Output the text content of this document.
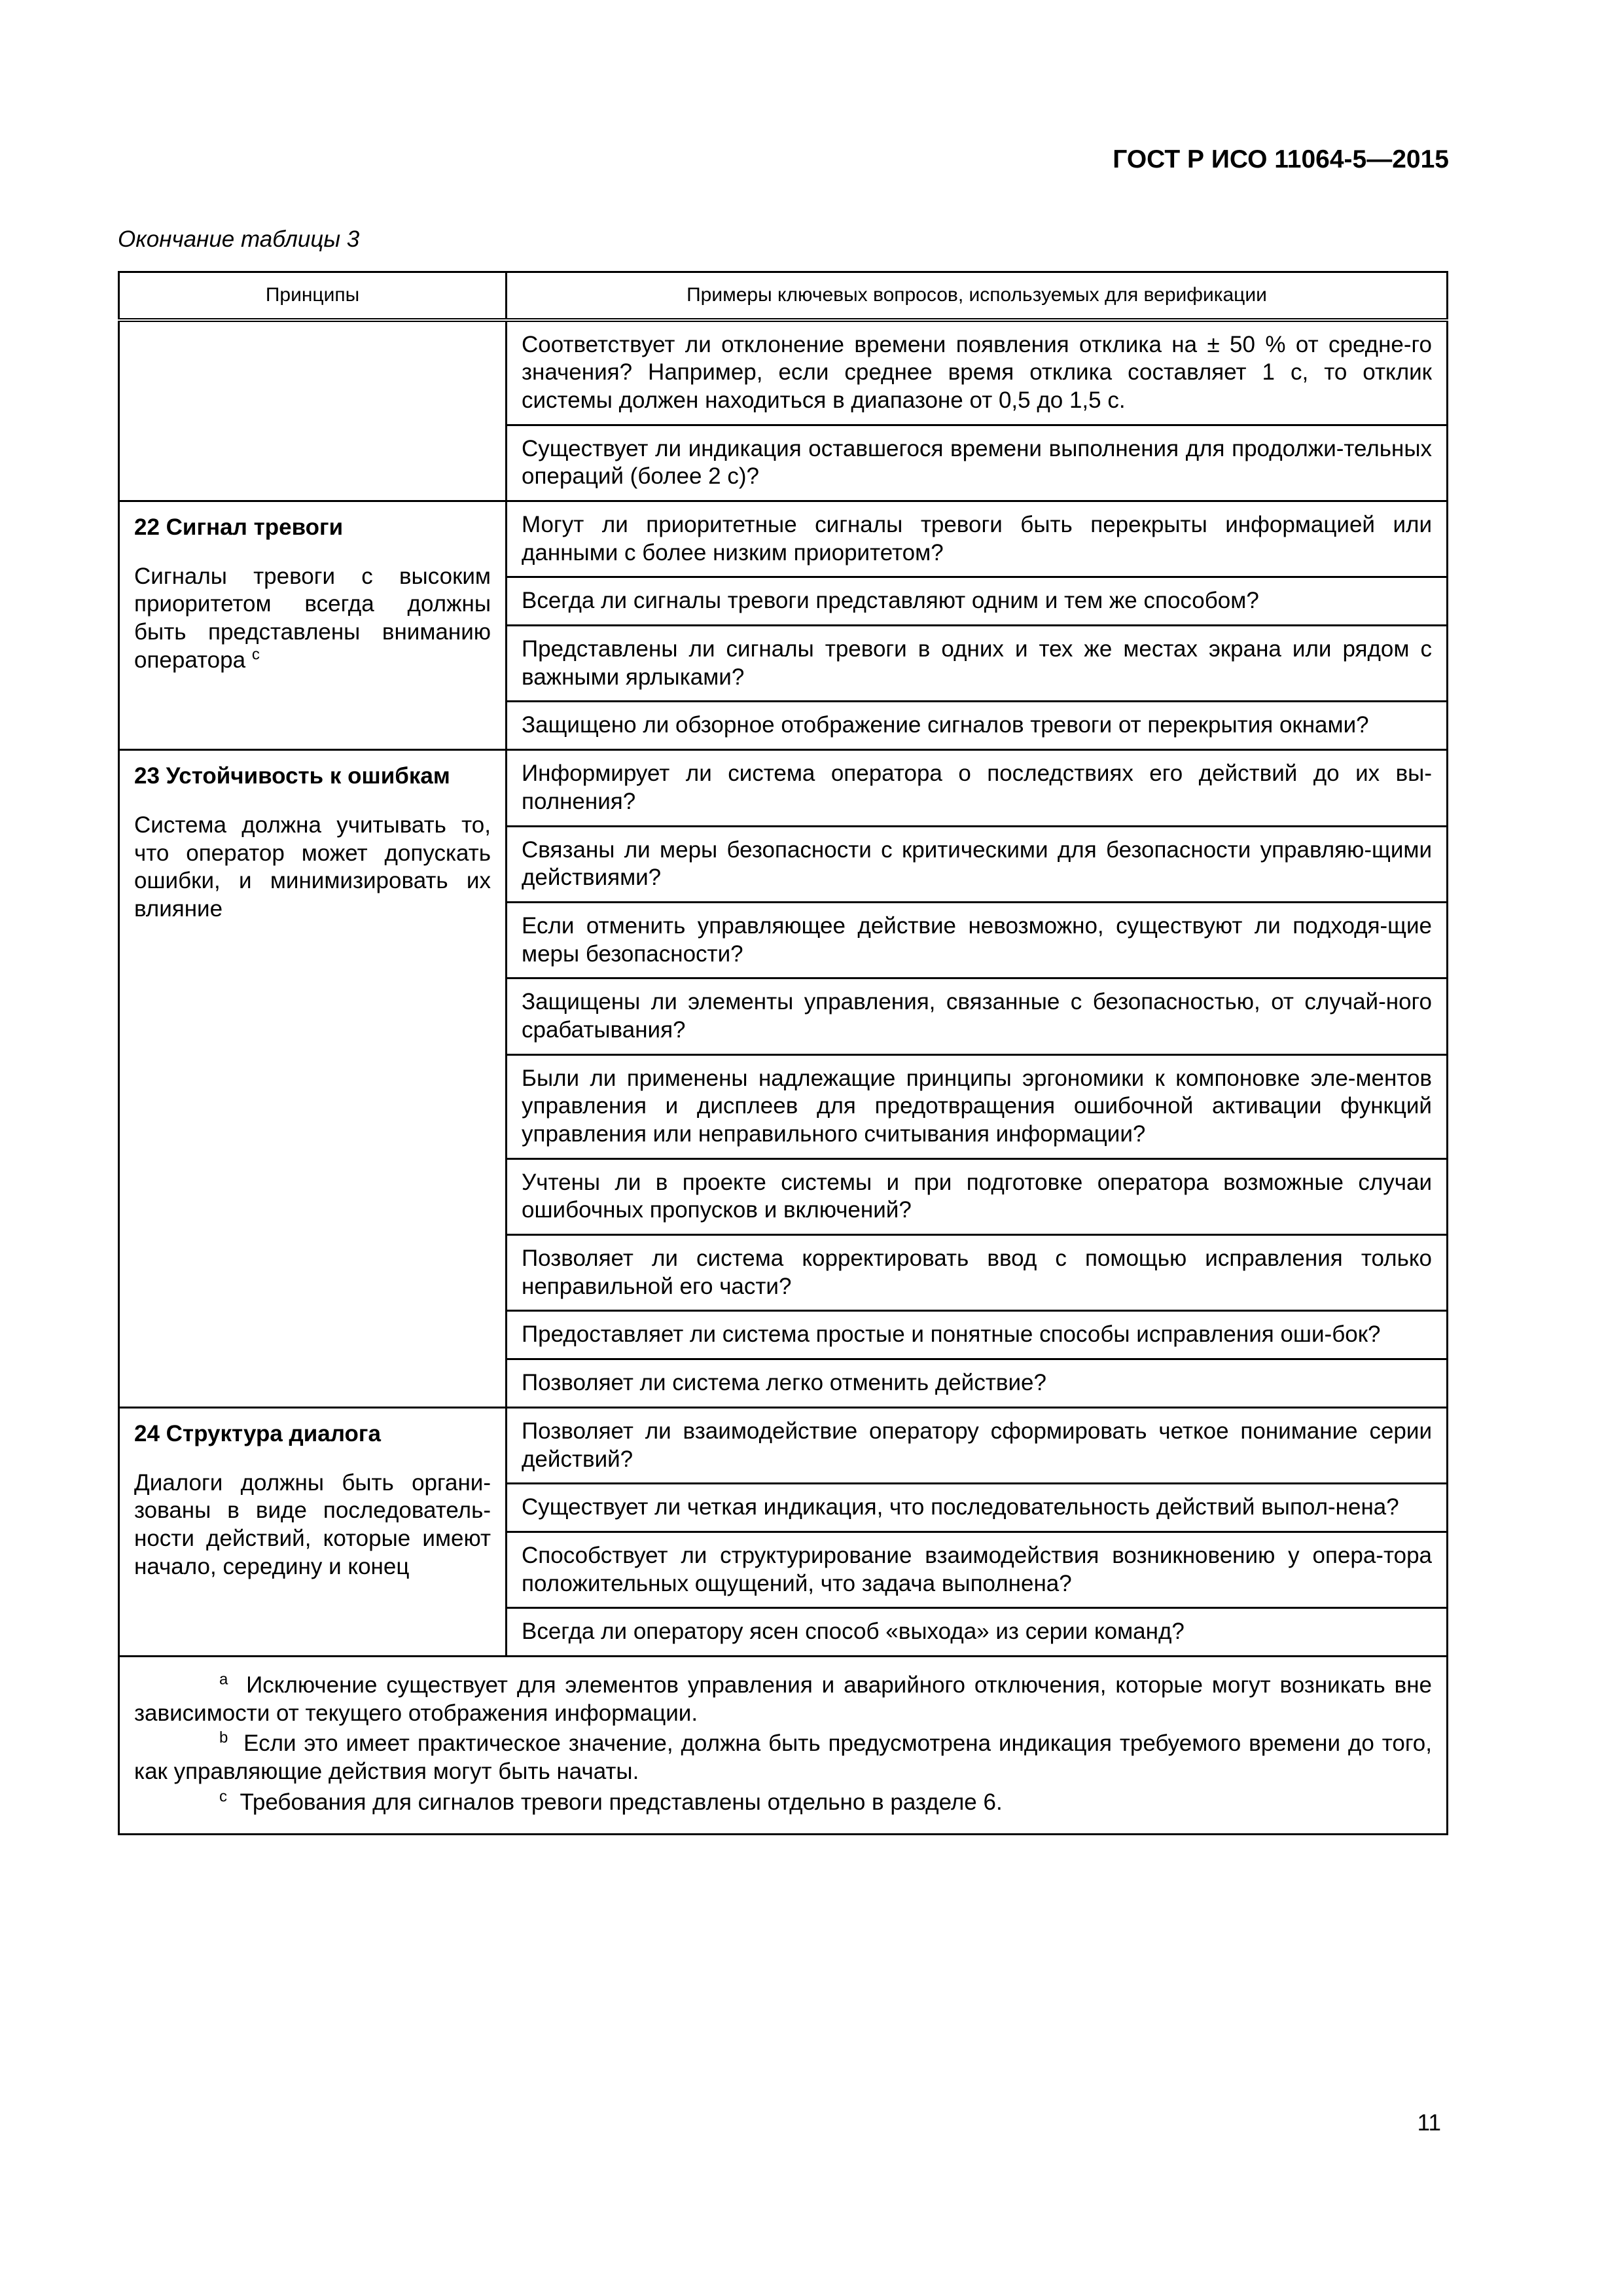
ГОСТ Р ИСО 11064-5—2015
Окончание таблицы 3
Принципы	Примеры ключевых вопросов, используемых для верификации
	Соответствует ли отклонение времени появления отклика на ± 50 % от средне-го значения? Например, если среднее время отклика составляет 1 с, то отклик системы должен находиться в диапазоне от 0,5 до 1,5 с.
	Существует ли индикация оставшегося времени выполнения для продолжи-тельных операций (более 2 с)?

22 Сигнал тревоги
Сигналы тревоги с высоким приоритетом всегда должны быть представлены вниманию оператора $^c$	Могут ли приоритетные сигналы тревоги быть перекрыты информацией или данными с более низким приоритетом?
	Всегда ли сигналы тревоги представляют одним и тем же способом?
	Представлены ли сигналы тревоги в одних и тех же местах экрана или рядом с важными ярлыками?
	Защищено ли обзорное отображение сигналов тревоги от перекрытия окнами?

23 Устойчивость к ошибкам
Система должна учитывать то, что оператор может допускать ошибки, и минимизировать их влияние	Информирует ли система оператора о последствиях его действий до их вы-полнения?
	Связаны ли меры безопасности с критическими для безопасности управляю-щими действиями?
	Если отменить управляющее действие невозможно, существуют ли подходя-щие меры безопасности?
	Защищены ли элементы управления, связанные с безопасностью, от случай-ного срабатывания?
	Были ли применены надлежащие принципы эргономики к компоновке эле-ментов управления и дисплеев для предотвращения ошибочной активации функций управления или неправильного считывания информации?
	Учтены ли в проекте системы и при подготовке оператора возможные случаи ошибочных пропусков и включений?
	Позволяет ли система корректировать ввод с помощью исправления только неправильной его части?
	Предоставляет ли система простые и понятные способы исправления оши-бок?
	Позволяет ли система легко отменить действие?

24 Структура диалога
Диалоги должны быть органи-зованы в виде последователь-ности действий, которые имеют начало, середину и конец	Позволяет ли взаимодействие оператору сформировать четкое понимание серии действий?
	Существует ли четкая индикация, что последовательность действий выпол-нена?
	Способствует ли структурирование взаимодействия возникновению у опера-тора положительных ощущений, что задача выполнена?
	Всегда ли оператору ясен способ «выхода» из серии команд?

$^a$ Исключение существует для элементов управления и аварийного отключения, которые могут возникать вне зависимости от текущего отображения информации.
$^b$ Если это имеет практическое значение, должна быть предусмотрена индикация требуемого времени до того, как управляющие действия могут быть начаты.
$^c$ Требования для сигналов тревоги представлены отдельно в разделе 6.	
11
